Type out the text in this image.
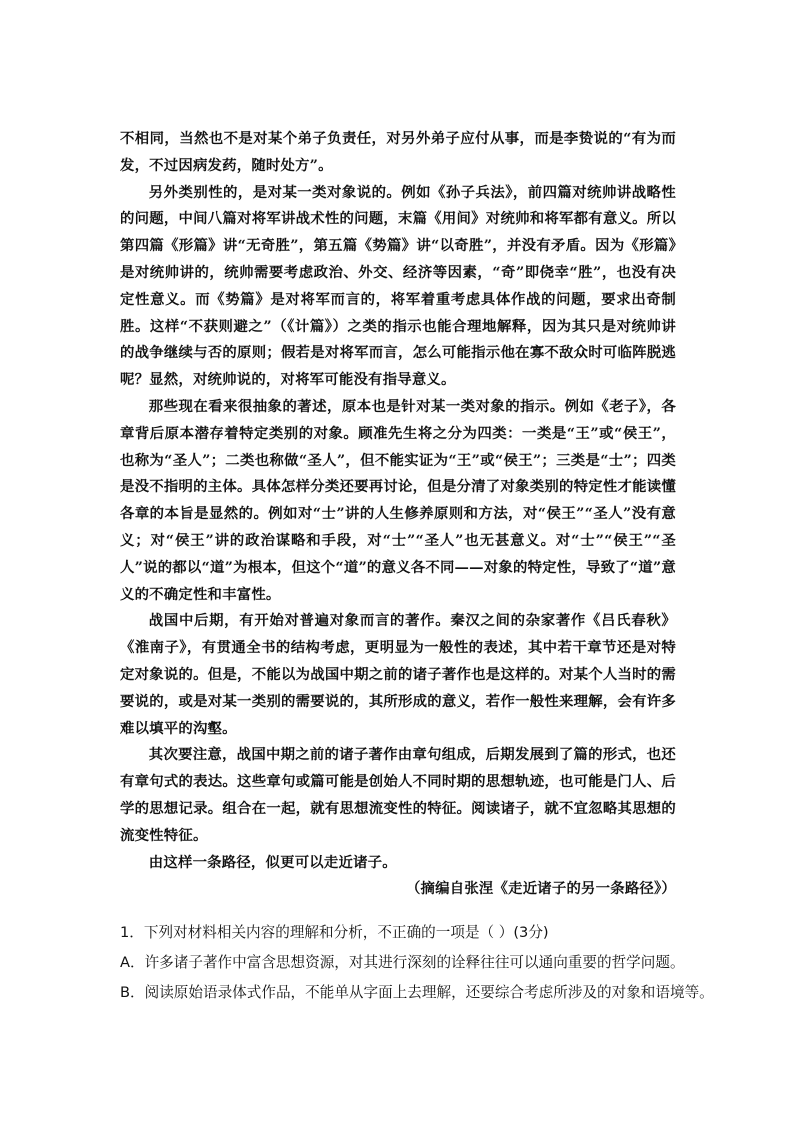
不相同，当然也不是对某个弟子负责任，对另外弟子应付从事，而是李贽说的“有为而发，不过因病发药，随时处方”。

另外类别性的，是对某一类对象说的。例如《孙子兵法》，前四篇对统帅讲战略性的问题，中间八篇对将军讲战术性的问题，末篇《用间》对统帅和将军都有意义。所以第四篇《形篇》讲“无奇胜”，第五篇《势篇》讲“以奇胜”，并没有矛盾。因为《形篇》是对统帅讲的，统帅需要考虑政治、外交、经济等因素，“奇”即侥幸“胜”，也没有决定性意义。而《势篇》是对将军而言的，将军着重考虑具体作战的问题，要求出奇制胜。这样“不获则避之”（《计篇》）之类的指示也能合理地解释，因为其只是对统帅讲的战争继续与否的原则；假若是对将军而言，怎么可能指示他在寡不敌众时可临阵脱逃呢？显然，对统帅说的，对将军可能没有指导意义。

那些现在看来很抽象的著述，原本也是针对某一类对象的指示。例如《老子》，各章背后原本潜存着特定类别的对象。顾准先生将之分为四类：一类是“王”或“侯王”，也称为“圣人”；二类也称做“圣人”，但不能实证为“王”或“侯王”；三类是“士”；四类是没不指明的主体。具体怎样分类还要再讨论，但是分清了对象类别的特定性才能读懂各章的本旨是显然的。例如对“士”讲的人生修养原则和方法，对“侯王”“圣人”没有意义；对“侯王”讲的政治谋略和手段，对“士”“圣人”也无甚意义。对“士”“侯王”“圣人”说的都以“道”为根本，但这个“道”的意义各不同——对象的特定性，导致了“道”意义的不确定性和丰富性。

战国中后期，有开始对普遍对象而言的著作。秦汉之间的杂家著作《吕氏春秋》《淮南子》，有贯通全书的结构考虑，更明显为一般性的表述，其中若干章节还是对特定对象说的。但是，不能以为战国中期之前的诸子著作也是这样的。对某个人当时的需要说的，或是对某一类别的需要说的，其所形成的意义，若作一般性来理解，会有许多难以填平的沟壑。

其次要注意，战国中期之前的诸子著作由章句组成，后期发展到了篇的形式，也还有章句式的表达。这些章句或篇可能是创始人不同时期的思想轨迹，也可能是门人、后学的思想记录。组合在一起，就有思想流变性的特征。阅读诸子，就不宜忽略其思想的流变性特征。

由这样一条路径，似更可以走近诸子。

（摘编自张涅《走近诸子的另一条路径》）

1．下列对材料相关内容的理解和分析，不正确的一项是（ ）(3分)

A．许多诸子著作中富含思想资源，对其进行深刻的诠释往往可以通向重要的哲学问题。

B．阅读原始语录体式作品，不能单从字面上去理解，还要综合考虑所涉及的对象和语境等。
